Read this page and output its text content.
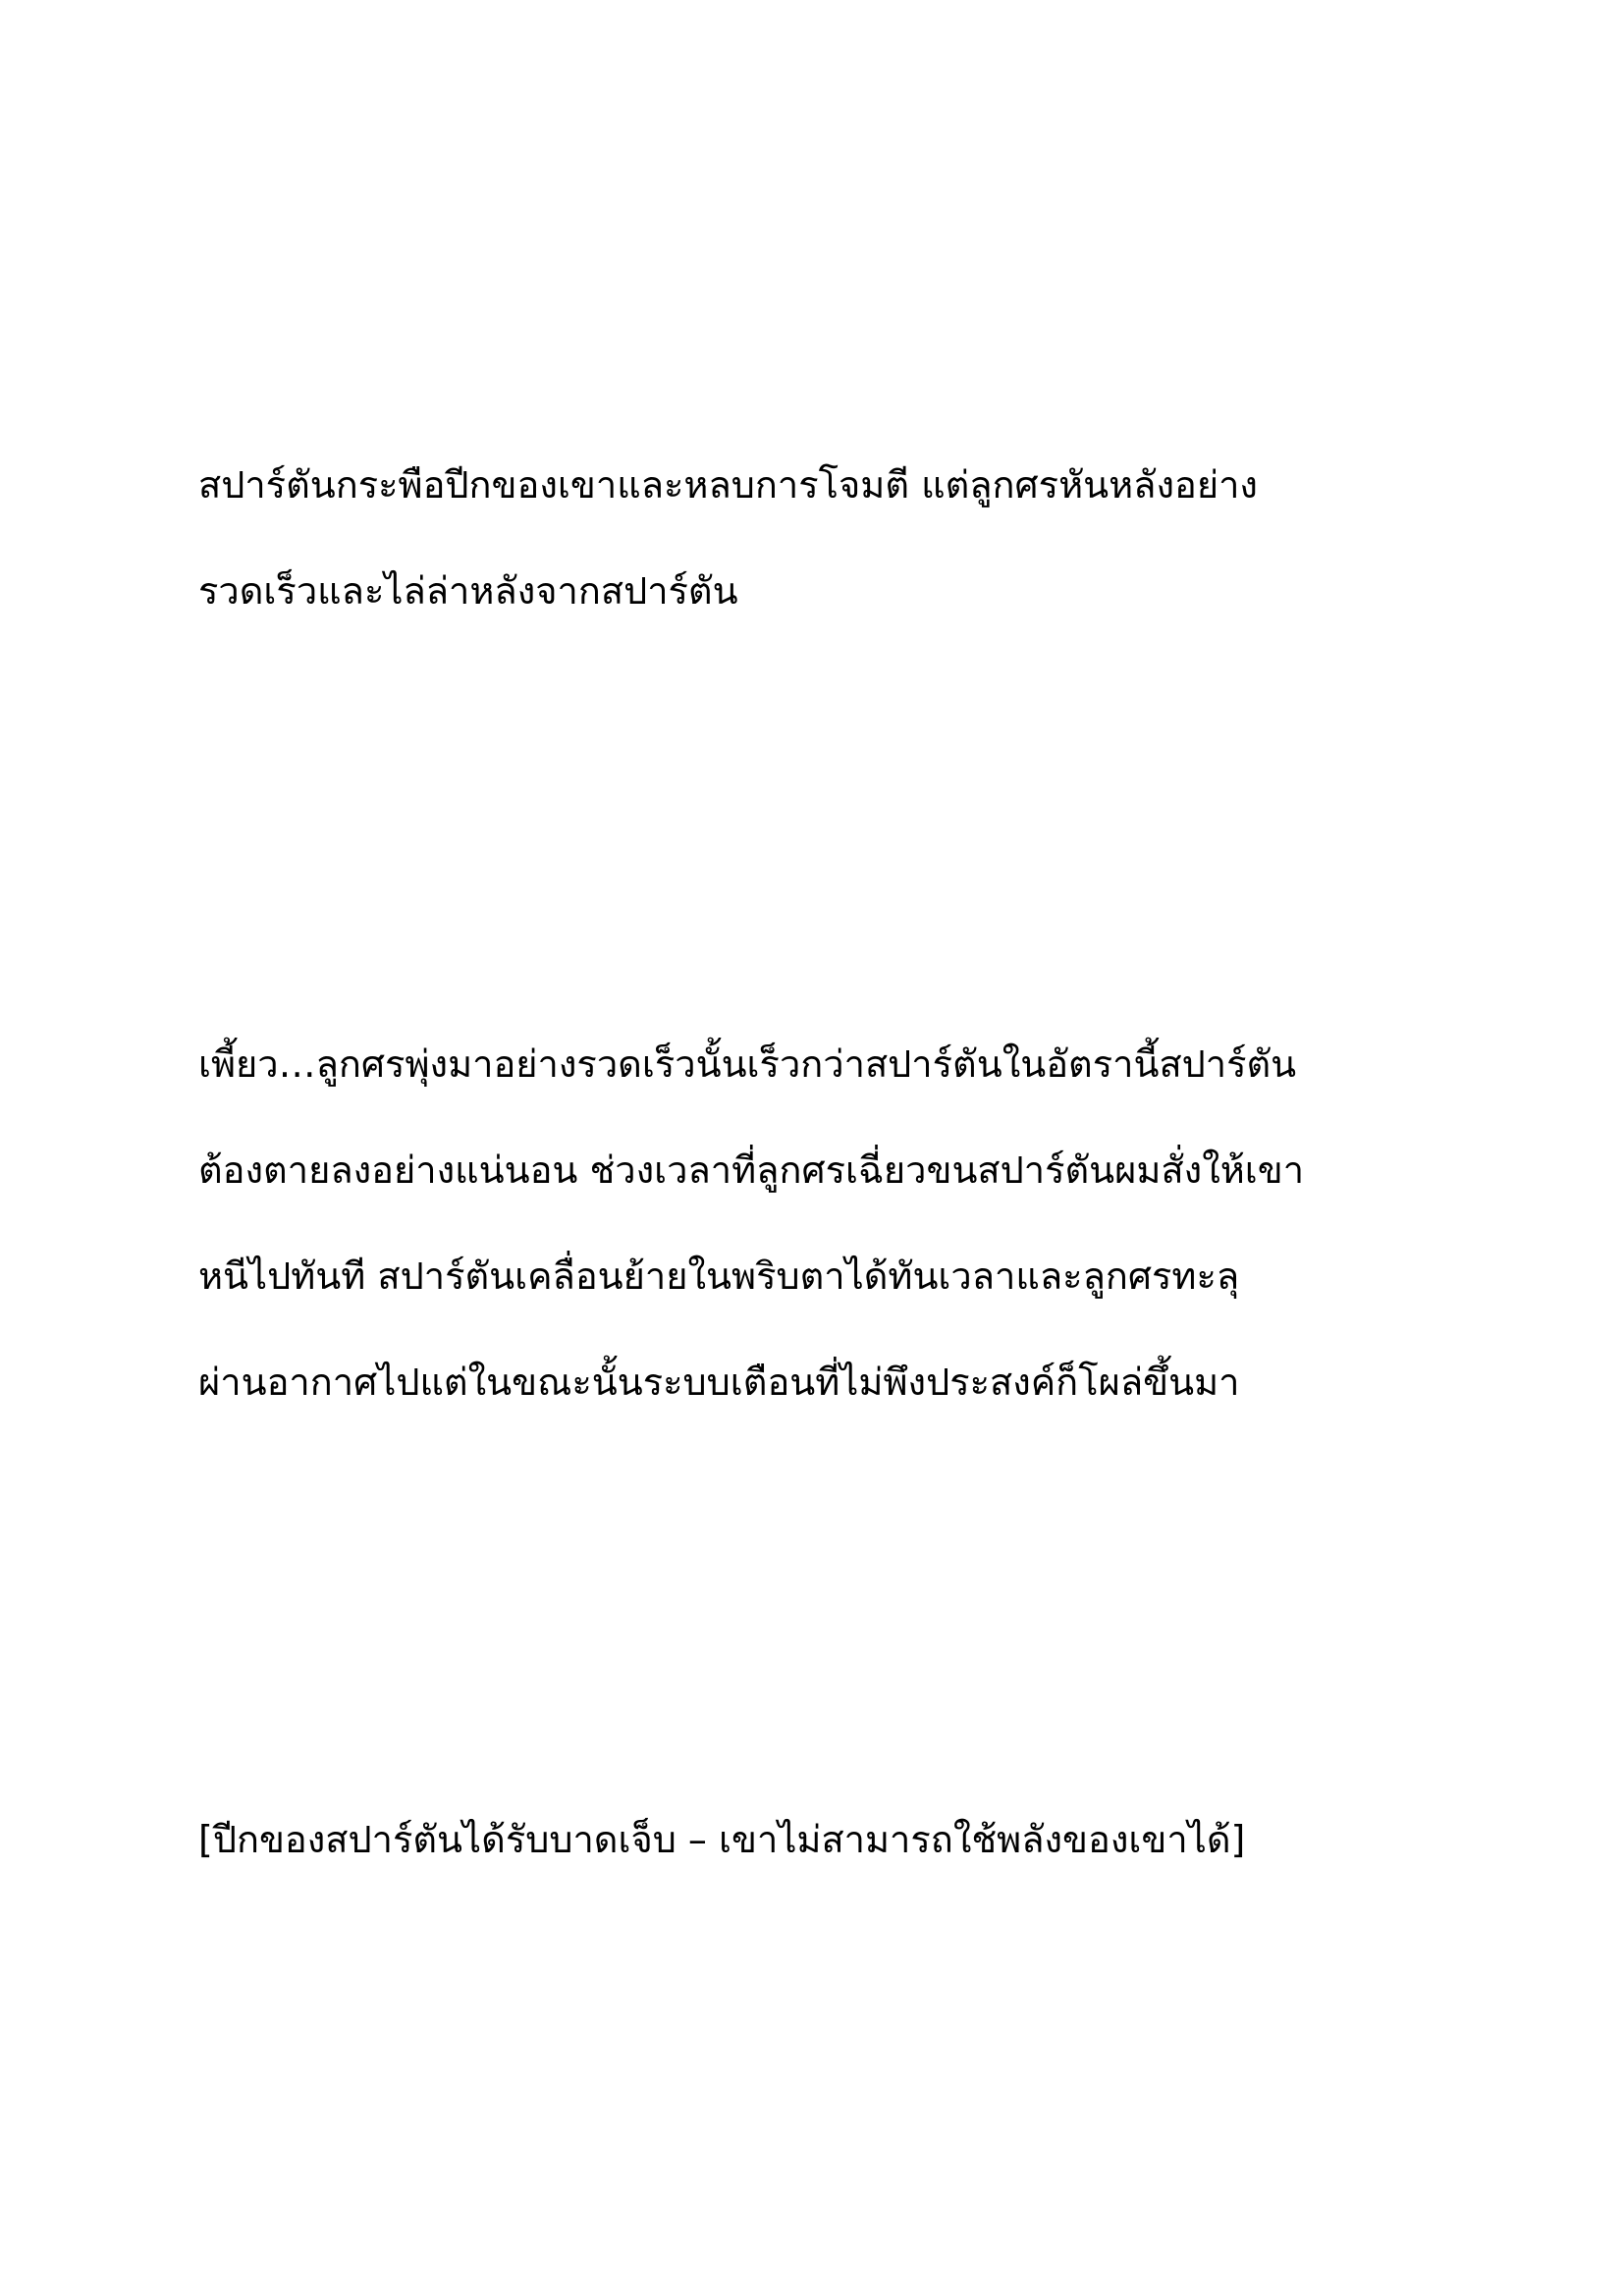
สปาร์ตันกระพือปีกของเขาและหลบการโจมตี แต่ลูกศรหันหลังอย่าง
รวดเร็วและไล่ล่าหลังจากสปาร์ตัน

เพี้ยว…ลูกศรพุ่งมาอย่างรวดเร็วนั้นเร็วกว่าสปาร์ตันในอัตรานี้สปาร์ตัน
ต้องตายลงอย่างแน่นอน ช่วงเวลาที่ลูกศรเฉี่ยวขนสปาร์ตันผมสั่งให้เขา
หนีไปทันที สปาร์ตันเคลื่อนย้ายในพริบตาได้ทันเวลาและลูกศรทะลุ
ผ่านอากาศไปแต่ในขณะนั้นระบบเตือนที่ไม่พึงประสงค์ก็โผล่ขึ้นมา

[ปีกของสปาร์ตันได้รับบาดเจ็บ – เขาไม่สามารถใช้พลังของเขาได้]
